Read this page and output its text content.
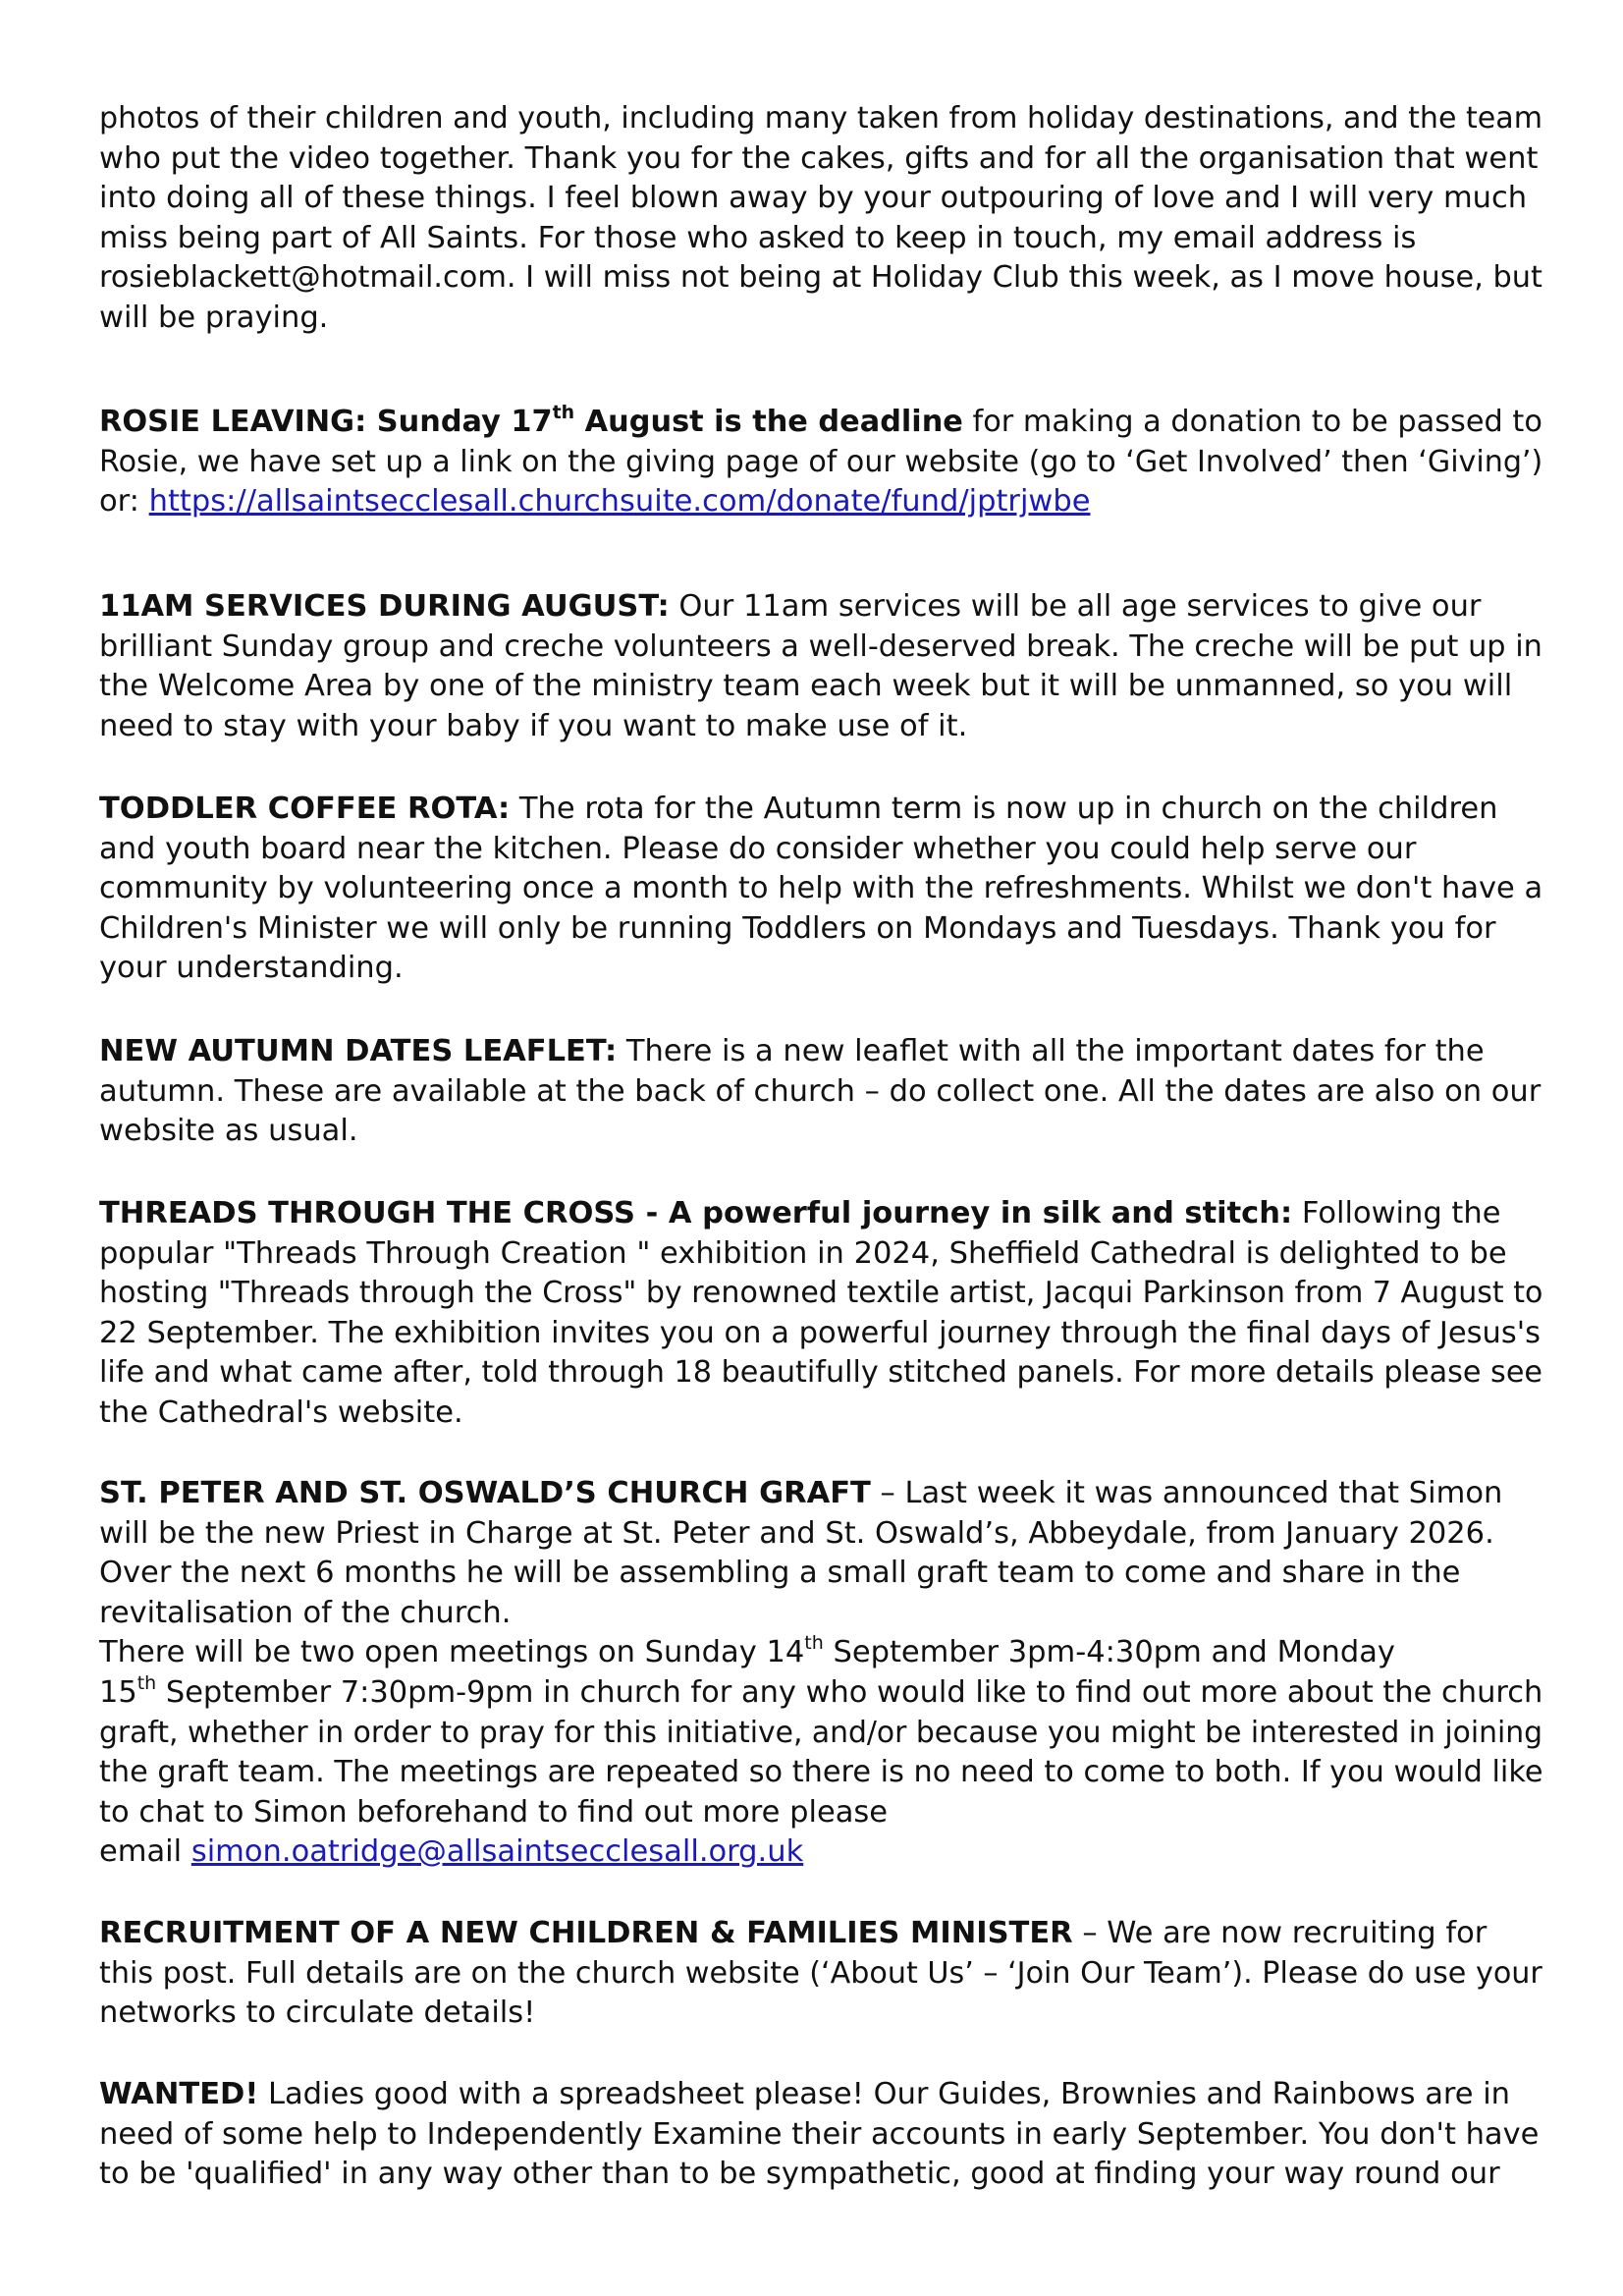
photos of their children and youth, including many taken from holiday destinations, and the team
who put the video together. Thank you for the cakes, gifts and for all the organisation that went
into doing all of these things. I feel blown away by your outpouring of love and I will very much
miss being part of All Saints. For those who asked to keep in touch, my email address is
rosieblackett@hotmail.com. I will miss not being at Holiday Club this week, as I move house, but
will be praying.
ROSIE LEAVING: Sunday 17th August is the deadline for making a donation to be passed to
Rosie, we have set up a link on the giving page of our website (go to ‘Get Involved’ then ‘Giving’)
or: https://allsaintsecclesall.churchsuite.com/donate/fund/jptrjwbe
11AM SERVICES DURING AUGUST: Our 11am services will be all age services to give our
brilliant Sunday group and creche volunteers a well-deserved break. The creche will be put up in
the Welcome Area by one of the ministry team each week but it will be unmanned, so you will
need to stay with your baby if you want to make use of it.
TODDLER COFFEE ROTA: The rota for the Autumn term is now up in church on the children
and youth board near the kitchen. Please do consider whether you could help serve our
community by volunteering once a month to help with the refreshments. Whilst we don't have a
Children's Minister we will only be running Toddlers on Mondays and Tuesdays. Thank you for
your understanding.
NEW AUTUMN DATES LEAFLET: There is a new leaflet with all the important dates for the
autumn. These are available at the back of church – do collect one. All the dates are also on our
website as usual.
THREADS THROUGH THE CROSS - A powerful journey in silk and stitch: Following the
popular "Threads Through Creation " exhibition in 2024, Sheffield Cathedral is delighted to be
hosting "Threads through the Cross" by renowned textile artist, Jacqui Parkinson from 7 August to
22 September. The exhibition invites you on a powerful journey through the final days of Jesus's
life and what came after, told through 18 beautifully stitched panels. For more details please see
the Cathedral's website.
ST. PETER AND ST. OSWALD’S CHURCH GRAFT – Last week it was announced that Simon
will be the new Priest in Charge at St. Peter and St. Oswald’s, Abbeydale, from January 2026.
Over the next 6 months he will be assembling a small graft team to come and share in the
revitalisation of the church.
There will be two open meetings on Sunday 14th September 3pm-4:30pm and Monday
15th September 7:30pm-9pm in church for any who would like to find out more about the church
graft, whether in order to pray for this initiative, and/or because you might be interested in joining
the graft team. The meetings are repeated so there is no need to come to both. If you would like
to chat to Simon beforehand to find out more please
email simon.oatridge@allsaintsecclesall.org.uk
RECRUITMENT OF A NEW CHILDREN & FAMILIES MINISTER – We are now recruiting for
this post. Full details are on the church website (‘About Us’ – ‘Join Our Team’). Please do use your
networks to circulate details!
WANTED! Ladies good with a spreadsheet please! Our Guides, Brownies and Rainbows are in
need of some help to Independently Examine their accounts in early September. You don't have
to be 'qualified' in any way other than to be sympathetic, good at finding your way round our
